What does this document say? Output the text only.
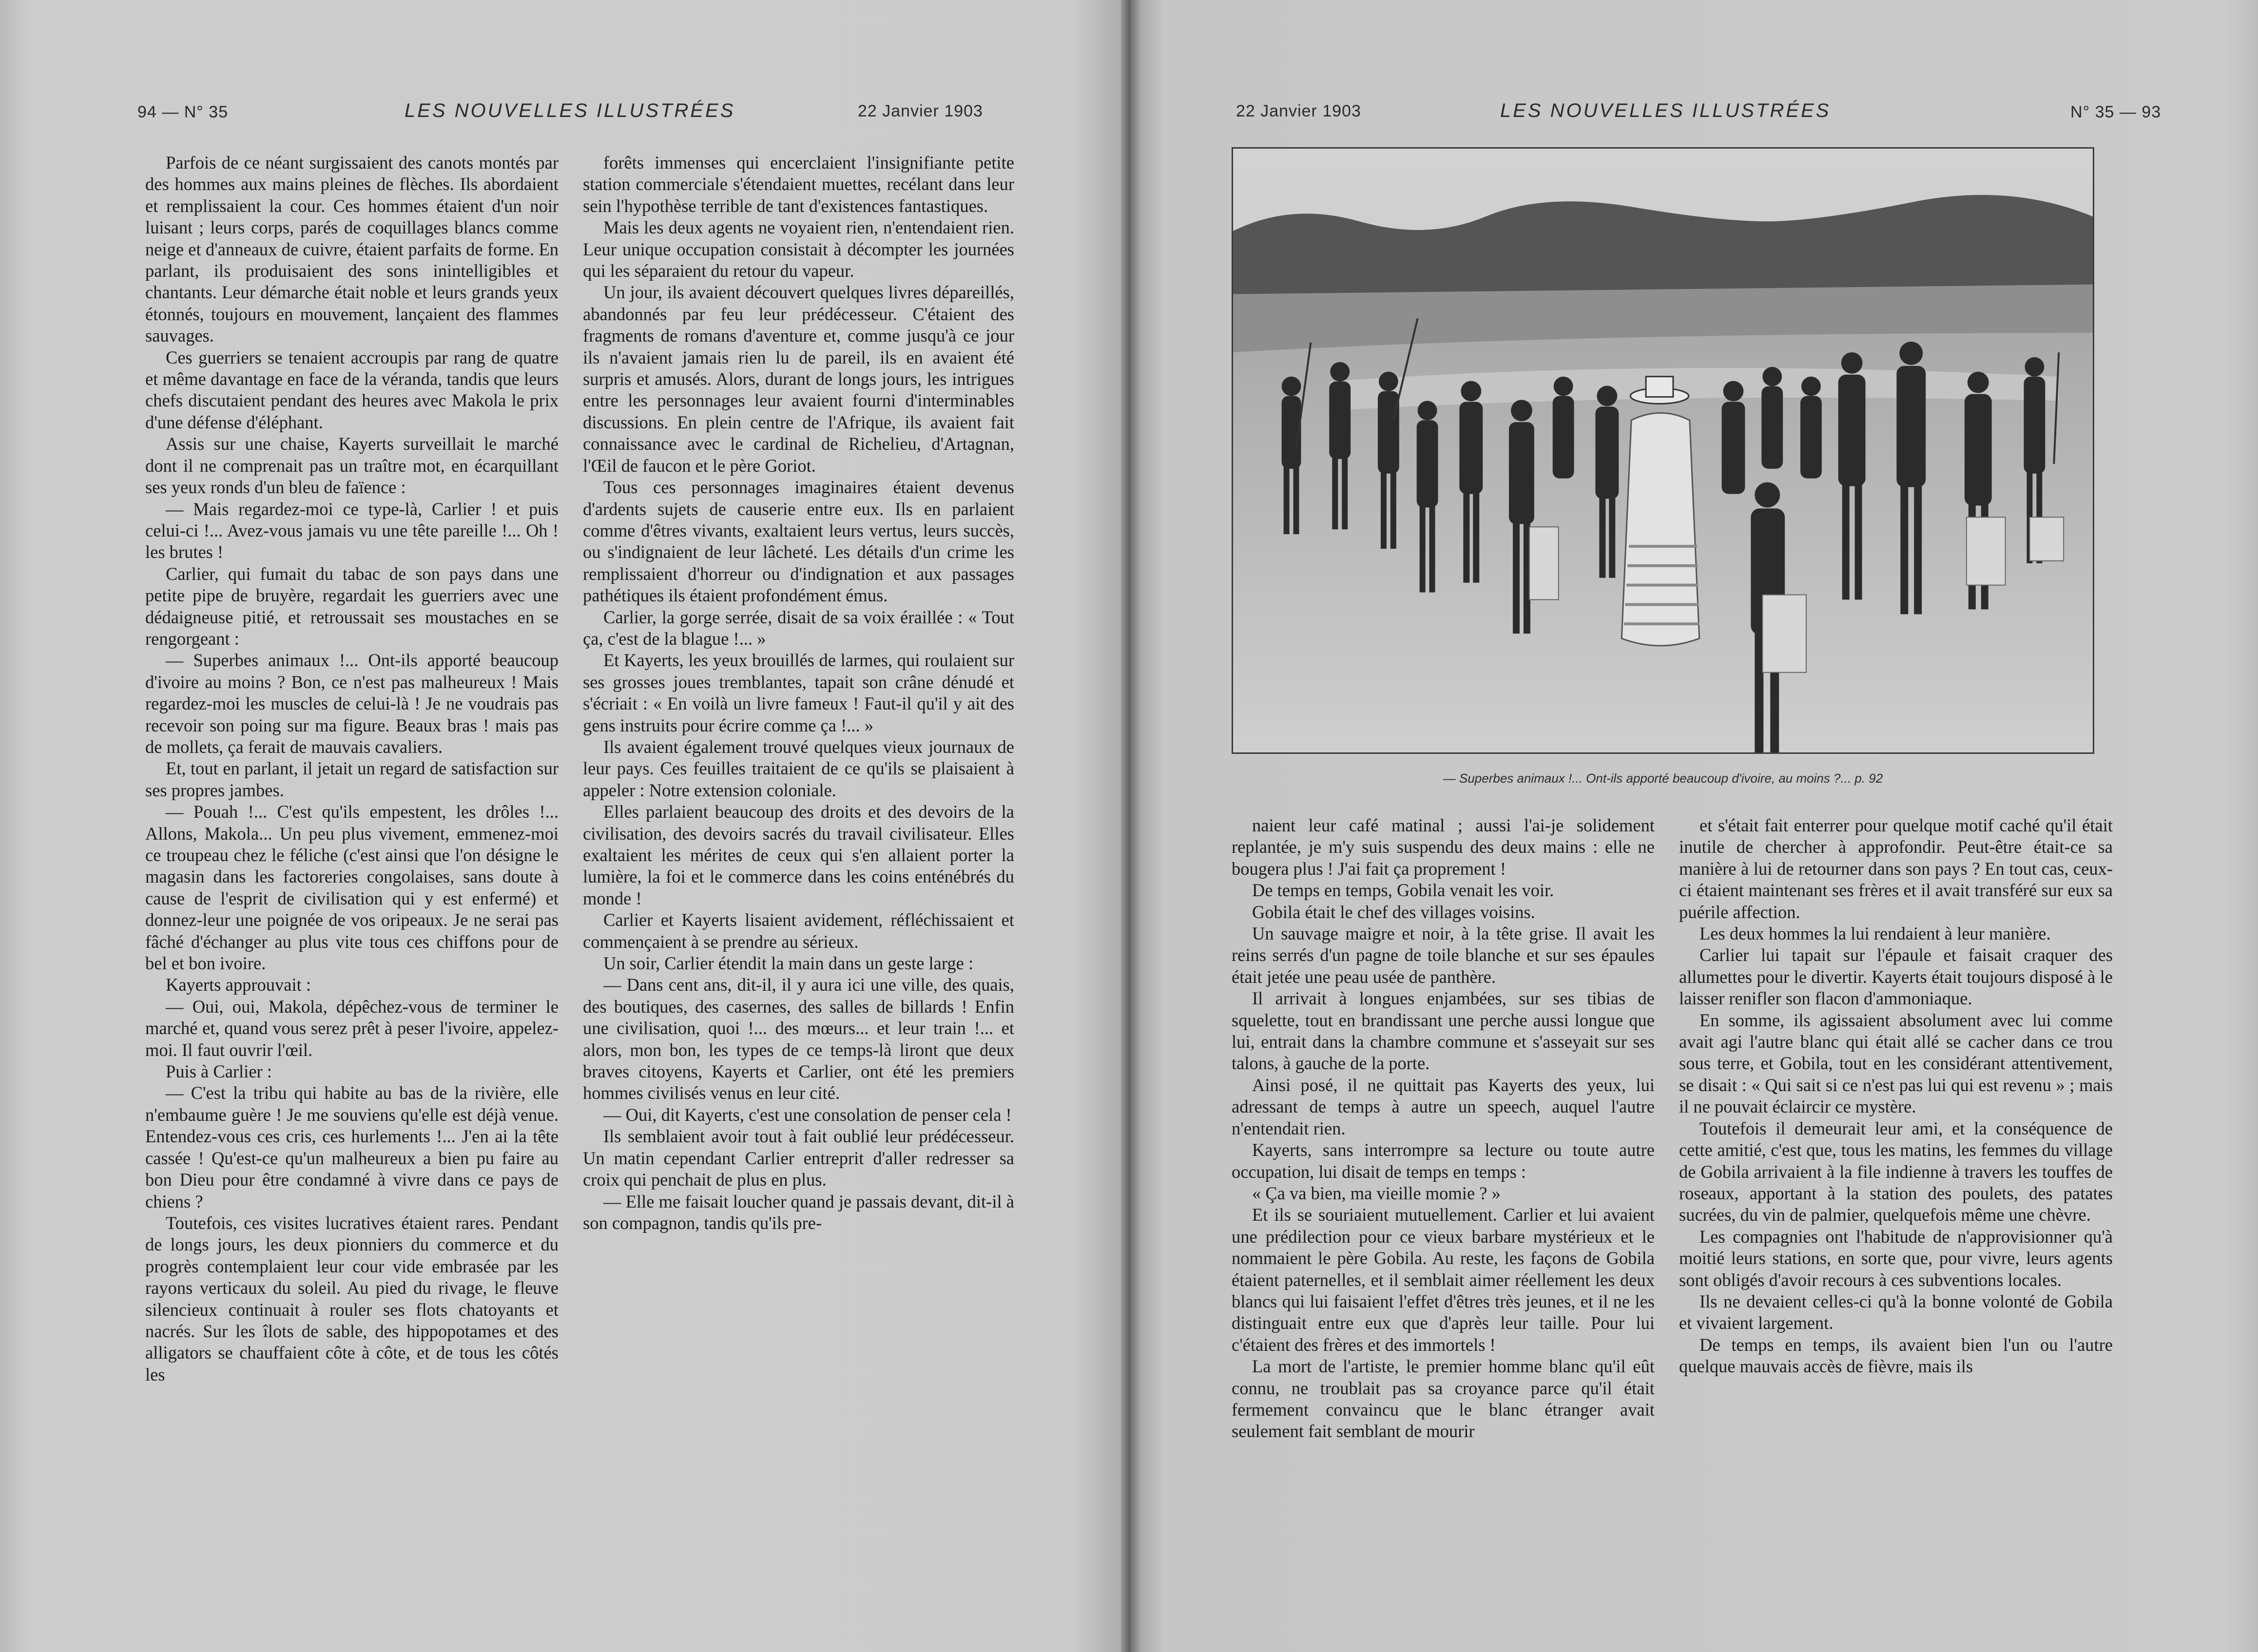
94 — N° 35	LES NOUVELLES ILLUSTRÉES	22 Janvier 1903

Parfois de ce néant surgissaient des canots montés par des hommes aux mains pleines de flèches. Ils abordaient et remplissaient la cour. Ces hommes étaient d'un noir luisant ; leurs corps, parés de coquillages blancs comme neige et d'anneaux de cuivre, étaient parfaits de forme. En parlant, ils produisaient des sons inintelligibles et chantants. Leur démarche était noble et leurs grands yeux étonnés, toujours en mouvement, lançaient des flammes sauvages.

Ces guerriers se tenaient accroupis par rang de quatre et même davantage en face de la véranda, tandis que leurs chefs discutaient pendant des heures avec Makola le prix d'une défense d'éléphant.

Assis sur une chaise, Kayerts surveillait le marché dont il ne comprenait pas un traître mot, en écarquillant ses yeux ronds d'un bleu de faïence :

— Mais regardez-moi ce type-là, Carlier ! et puis celui-ci !... Avez-vous jamais vu une tête pareille !... Oh ! les brutes !

Carlier, qui fumait du tabac de son pays dans une petite pipe de bruyère, regardait les guerriers avec une dédaigneuse pitié, et retroussait ses moustaches en se rengorgeant :

— Superbes animaux !... Ont-ils apporté beaucoup d'ivoire au moins ? Bon, ce n'est pas malheureux ! Mais regardez-moi les muscles de celui-là ! Je ne voudrais pas recevoir son poing sur ma figure. Beaux bras ! mais pas de mollets, ça ferait de mauvais cavaliers.

Et, tout en parlant, il jetait un regard de satisfaction sur ses propres jambes.

— Pouah !... C'est qu'ils empestent, les drôles !... Allons, Makola... Un peu plus vivement, emmenez-moi ce troupeau chez le féliche (c'est ainsi que l'on désigne le magasin dans les factoreries congolaises, sans doute à cause de l'esprit de civilisation qui y est enfermé) et donnez-leur une poignée de vos oripeaux. Je ne serai pas fâché d'échanger au plus vite tous ces chiffons pour de bel et bon ivoire.

Kayerts approuvait :

— Oui, oui, Makola, dépêchez-vous de terminer le marché et, quand vous serez prêt à peser l'ivoire, appelez-moi. Il faut ouvrir l'œil.

Puis à Carlier :

— C'est la tribu qui habite au bas de la rivière, elle n'embaume guère ! Je me souviens qu'elle est déjà venue. Entendez-vous ces cris, ces hurlements !... J'en ai la tête cassée ! Qu'est-ce qu'un malheureux a bien pu faire au bon Dieu pour être condamné à vivre dans ce pays de chiens ?

Toutefois, ces visites lucratives étaient rares. Pendant de longs jours, les deux pionniers du commerce et du progrès contemplaient leur cour vide embrasée par les rayons verticaux du soleil. Au pied du rivage, le fleuve silencieux continuait à rouler ses flots chatoyants et nacrés. Sur les îlots de sable, des hippopotames et des alligators se chauffaient côte à côte, et de tous les côtés les

forêts immenses qui encerclaient l'insignifiante petite station commerciale s'étendaient muettes, recélant dans leur sein l'hypothèse terrible de tant d'existences fantastiques.

Mais les deux agents ne voyaient rien, n'entendaient rien. Leur unique occupation consistait à décompter les journées qui les séparaient du retour du vapeur.

Un jour, ils avaient découvert quelques livres dépareillés, abandonnés par feu leur prédécesseur. C'étaient des fragments de romans d'aventure et, comme jusqu'à ce jour ils n'avaient jamais rien lu de pareil, ils en avaient été surpris et amusés. Alors, durant de longs jours, les intrigues entre les personnages leur avaient fourni d'interminables discussions. En plein centre de l'Afrique, ils avaient fait connaissance avec le cardinal de Richelieu, d'Artagnan, l'Œil de faucon et le père Goriot.

Tous ces personnages imaginaires étaient devenus d'ardents sujets de causerie entre eux. Ils en parlaient comme d'êtres vivants, exaltaient leurs vertus, leurs succès, ou s'indignaient de leur lâcheté. Les détails d'un crime les remplissaient d'horreur ou d'indignation et aux passages pathétiques ils étaient profondément émus.

Carlier, la gorge serrée, disait de sa voix éraillée : « Tout ça, c'est de la blague !... »

Et Kayerts, les yeux brouillés de larmes, qui roulaient sur ses grosses joues tremblantes, tapait son crâne dénudé et s'écriait : « En voilà un livre fameux ! Faut-il qu'il y ait des gens instruits pour écrire comme ça !... »

Ils avaient également trouvé quelques vieux journaux de leur pays. Ces feuilles traitaient de ce qu'ils se plaisaient à appeler : Notre extension coloniale.

Elles parlaient beaucoup des droits et des devoirs de la civilisation, des devoirs sacrés du travail civilisateur. Elles exaltaient les mérites de ceux qui s'en allaient porter la lumière, la foi et le commerce dans les coins enténébrés du monde !

Carlier et Kayerts lisaient avidement, réfléchissaient et commençaient à se prendre au sérieux.

Un soir, Carlier étendit la main dans un geste large :

— Dans cent ans, dit-il, il y aura ici une ville, des quais, des boutiques, des casernes, des salles de billards ! Enfin une civilisation, quoi !... des mœurs... et leur train !... et alors, mon bon, les types de ce temps-là liront que deux braves citoyens, Kayerts et Carlier, ont été les premiers hommes civilisés venus en leur cité.

— Oui, dit Kayerts, c'est une consolation de penser cela !

Ils semblaient avoir tout à fait oublié leur prédécesseur. Un matin cependant Carlier entreprit d'aller redresser sa croix qui penchait de plus en plus.

— Elle me faisait loucher quand je passais devant, dit-il à son compagnon, tandis qu'ils pre-

22 Janvier 1903	LES NOUVELLES ILLUSTRÉES	N° 35 — 93
— Superbes animaux !... Ont-ils apporté beaucoup d'ivoire, au moins ?... p. 92

naient leur café matinal ; aussi l'ai-je solidement replantée, je m'y suis suspendu des deux mains : elle ne bougera plus ! J'ai fait ça proprement !

De temps en temps, Gobila venait les voir.

Gobila était le chef des villages voisins.

Un sauvage maigre et noir, à la tête grise. Il avait les reins serrés d'un pagne de toile blanche et sur ses épaules était jetée une peau usée de panthère.

Il arrivait à longues enjambées, sur ses tibias de squelette, tout en brandissant une perche aussi longue que lui, entrait dans la chambre commune et s'asseyait sur ses talons, à gauche de la porte.

Ainsi posé, il ne quittait pas Kayerts des yeux, lui adressant de temps à autre un speech, auquel l'autre n'entendait rien.

Kayerts, sans interrompre sa lecture ou toute autre occupation, lui disait de temps en temps :

« Ça va bien, ma vieille momie ? »

Et ils se souriaient mutuellement. Carlier et lui avaient une prédilection pour ce vieux barbare mystérieux et le nommaient le père Gobila. Au reste, les façons de Gobila étaient paternelles, et il semblait aimer réellement les deux blancs qui lui faisaient l'effet d'êtres très jeunes, et il ne les distinguait entre eux que d'après leur taille. Pour lui c'étaient des frères et des immortels !

La mort de l'artiste, le premier homme blanc qu'il eût connu, ne troublait pas sa croyance parce qu'il était fermement convaincu que le blanc étranger avait seulement fait semblant de mourir

et s'était fait enterrer pour quelque motif caché qu'il était inutile de chercher à approfondir. Peut-être était-ce sa manière à lui de retourner dans son pays ? En tout cas, ceux-ci étaient maintenant ses frères et il avait transféré sur eux sa puérile affection.

Les deux hommes la lui rendaient à leur manière.

Carlier lui tapait sur l'épaule et faisait craquer des allumettes pour le divertir. Kayerts était toujours disposé à le laisser renifler son flacon d'ammoniaque.

En somme, ils agissaient absolument avec lui comme avait agi l'autre blanc qui était allé se cacher dans ce trou sous terre, et Gobila, tout en les considérant attentivement, se disait : « Qui sait si ce n'est pas lui qui est revenu » ; mais il ne pouvait éclaircir ce mystère.

Toutefois il demeurait leur ami, et la conséquence de cette amitié, c'est que, tous les matins, les femmes du village de Gobila arrivaient à la file indienne à travers les touffes de roseaux, apportant à la station des poulets, des patates sucrées, du vin de palmier, quelquefois même une chèvre.

Les compagnies ont l'habitude de n'approvisionner qu'à moitié leurs stations, en sorte que, pour vivre, leurs agents sont obligés d'avoir recours à ces subventions locales.

Ils ne devaient celles-ci qu'à la bonne volonté de Gobila et vivaient largement.

De temps en temps, ils avaient bien l'un ou l'autre quelque mauvais accès de fièvre, mais ils
